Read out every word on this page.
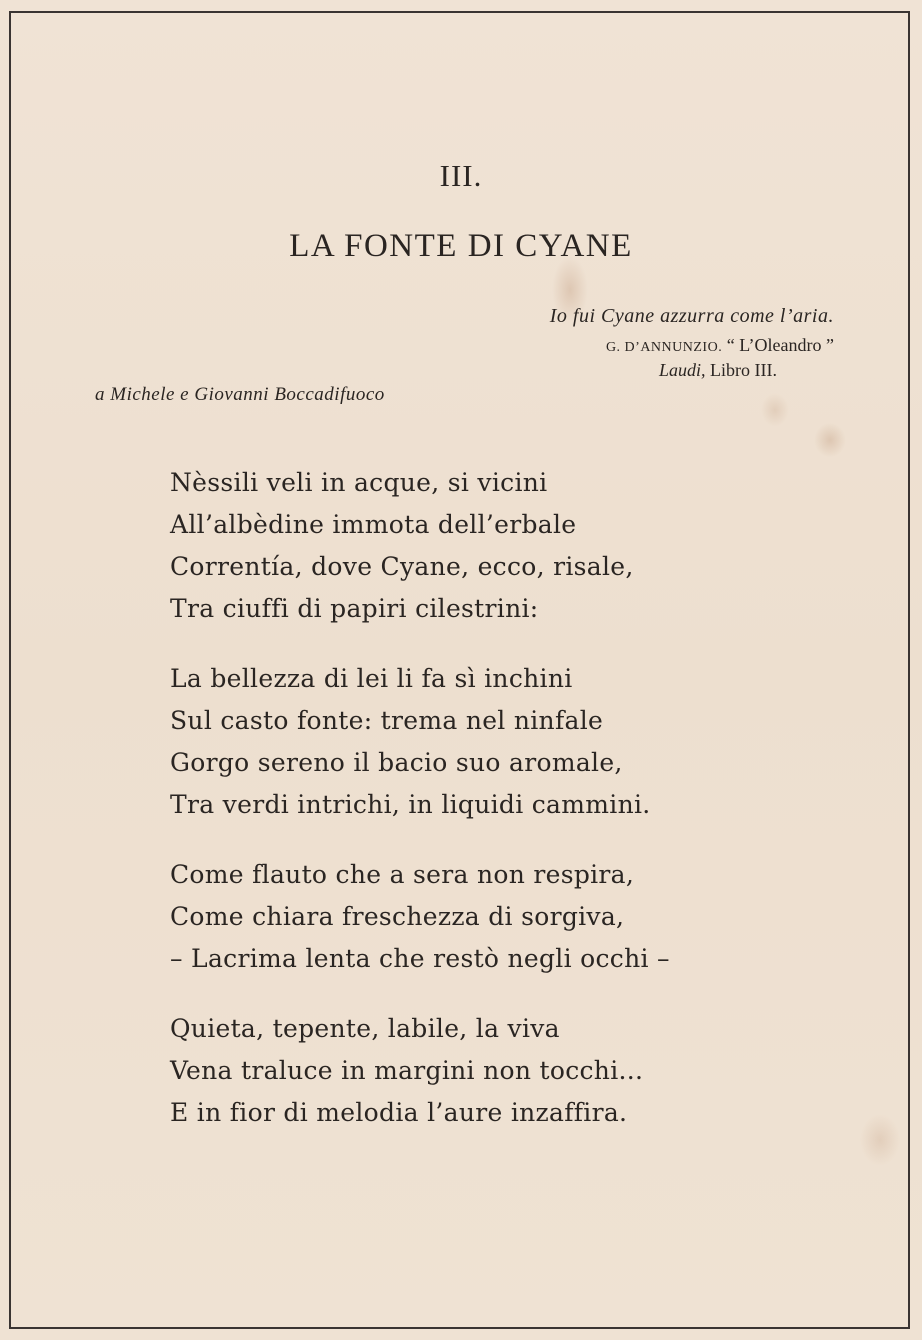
III.
LA FONTE DI CYANE
Io fui Cyane azzurra come l’aria.
G. D’ANNUNZIO. “ L’Oleandro ”
Laudi, Libro III.
a Michele e Giovanni Boccadifuoco
Nèssili veli in acque, si vicini
All’albèdine immota dell’erbale
Correntía, dove Cyane, ecco, risale,
Tra ciuffi di papiri cilestrini:
La bellezza di lei li fa sì inchini
Sul casto fonte: trema nel ninfale
Gorgo sereno il bacio suo aromale,
Tra verdi intrichi, in liquidi cammini.
Come flauto che a sera non respira,
Come chiara freschezza di sorgiva,
– Lacrima lenta che restò negli occhi –
Quieta, tepente, labile, la viva
Vena traluce in margini non tocchi...
E in fior di melodia l’aure inzaffira.
